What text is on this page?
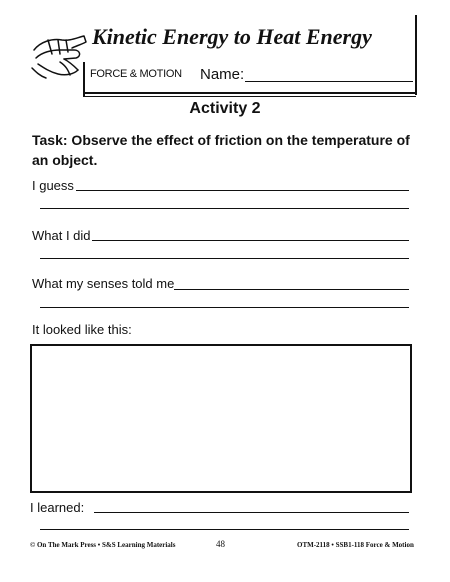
Kinetic Energy to Heat Energy
FORCE & MOTION Name:
Activity 2
Task: Observe the effect of friction on the temperature of an object.
I guess
What I did
What my senses told me
It looked like this:
I learned:
© On The Mark Press • S&S Learning Materials	48	OTM-2118 • SSB1-118 Force & Motion
